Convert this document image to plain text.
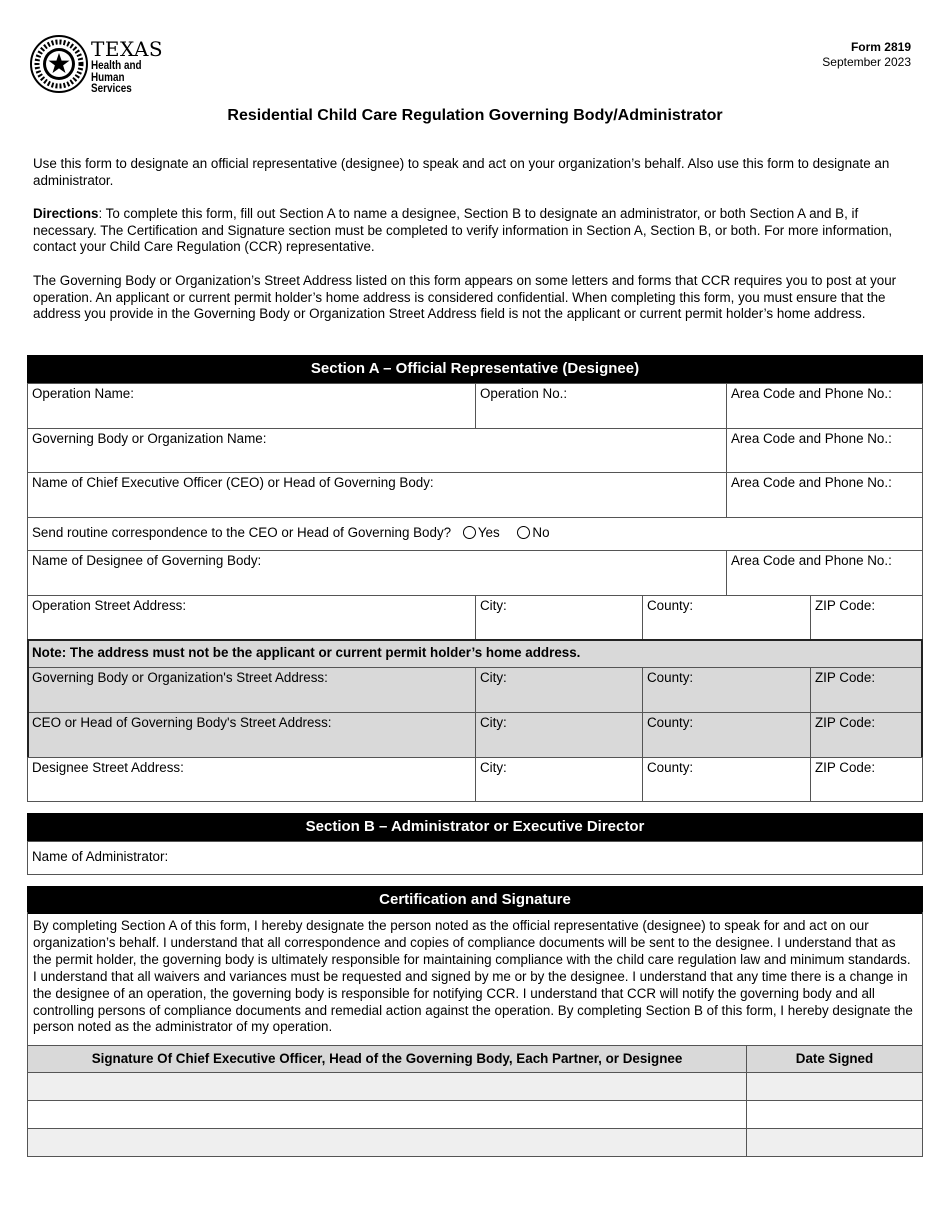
TEXAS
Health and Human
Services
Form 2819
September 2023
Residential Child Care Regulation Governing Body/Administrator

Use this form to designate an official representative (designee) to speak and act on your organization’s behalf. Also use this form to designate an administrator.

Directions: To complete this form, fill out Section A to name a designee, Section B to designate an administrator, or both Section A and B, if necessary. The Certification and Signature section must be completed to verify information in Section A, Section B, or both. For more information, contact your Child Care Regulation (CCR) representative.

The Governing Body or Organization’s Street Address listed on this form appears on some letters and forms that CCR requires you to post at your operation. An applicant or current permit holder’s home address is considered confidential. When completing this form, you must ensure that the address you provide in the Governing Body or Organization Street Address field is not the applicant or current permit holder’s home address.

Section A – Official Representative (Designee)
Operation Name:	Operation No.:	Area Code and Phone No.:
Governing Body or Organization Name:	Area Code and Phone No.:
Name of Chief Executive Officer (CEO) or Head of Governing Body:	Area Code and Phone No.:
Send routine correspondence to the CEO or Head of Governing Body? Yes No
Name of Designee of Governing Body:	Area Code and Phone No.:
Operation Street Address:	City:	County:	ZIP Code:
Note: The address must not be the applicant or current permit holder’s home address.
Governing Body or Organization's Street Address:	City:	County:	ZIP Code:
CEO or Head of Governing Body's Street Address:	City:	County:	ZIP Code:
Designee Street Address:	City:	County:	ZIP Code:
Section B – Administrator or Executive Director
Name of Administrator:
Certification and Signature
By completing Section A of this form, I hereby designate the person noted as the official representative (designee) to speak for and act on our organization’s behalf. I understand that all correspondence and copies of compliance documents will be sent to the designee. I understand that as the permit holder, the governing body is ultimately responsible for maintaining compliance with the child care regulation law and minimum standards. I understand that all waivers and variances must be requested and signed by me or by the designee. I understand that any time there is a change in the designee of an operation, the governing body is responsible for notifying CCR. I understand that CCR will notify the governing body and all controlling persons of compliance documents and remedial action against the operation. By completing Section B of this form, I hereby designate the person noted as the administrator of my operation.
Signature Of Chief Executive Officer, Head of the Governing Body, Each Partner, or Designee	Date Signed
